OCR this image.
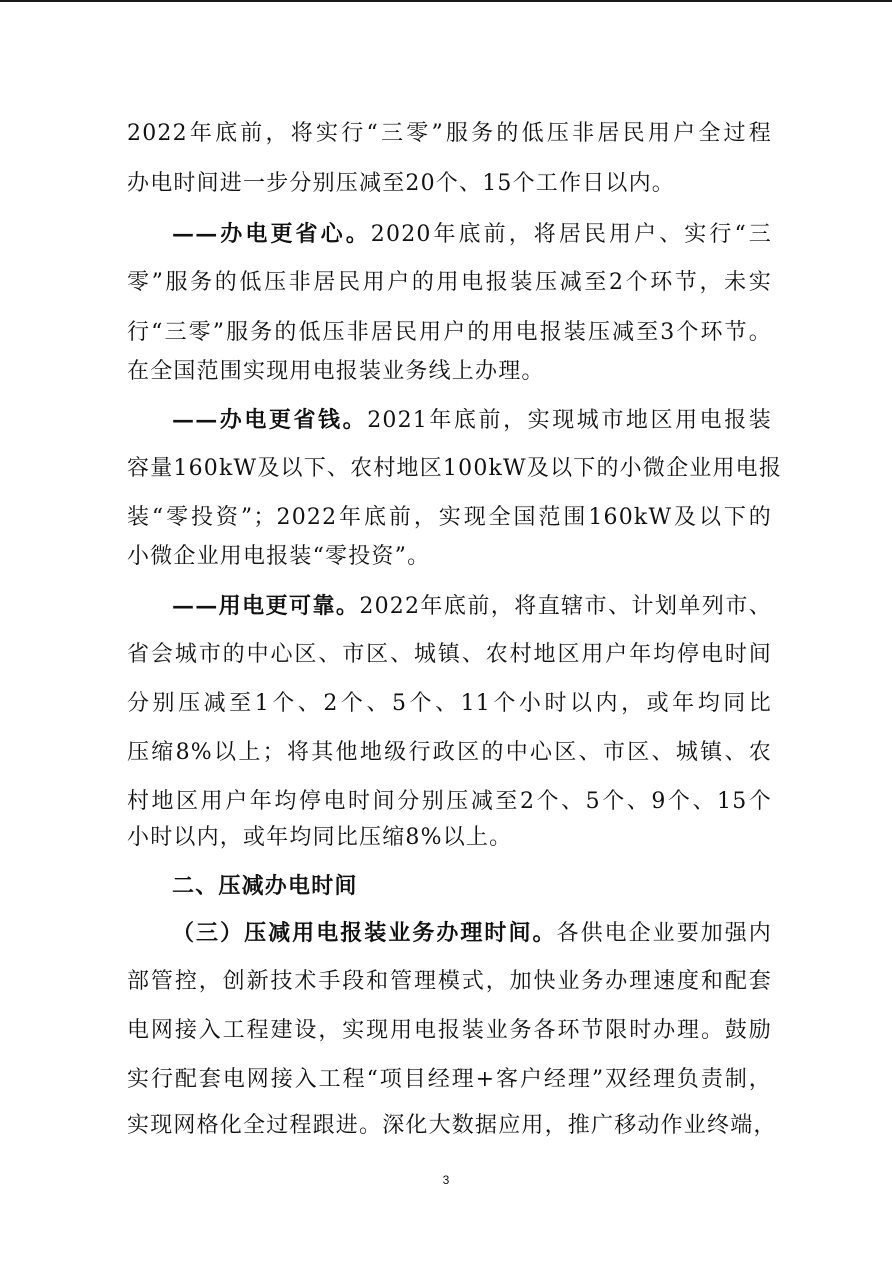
2022年底前，将实行“三零”服务的低压非居民用户全过程
办电时间进一步分别压减至20个、15个工作日以内。
——办电更省心。2020年底前，将居民用户、实行“三
零”服务的低压非居民用户的用电报装压减至2个环节，未实
行“三零”服务的低压非居民用户的用电报装压减至3个环节。
在全国范围实现用电报装业务线上办理。
——办电更省钱。2021年底前，实现城市地区用电报装
容量160kW及以下、农村地区100kW及以下的小微企业用电报
装“零投资”；2022年底前，实现全国范围160kW及以下的
小微企业用电报装“零投资”。
——用电更可靠。2022年底前，将直辖市、计划单列市、
省会城市的中心区、市区、城镇、农村地区用户年均停电时间
分别压减至1个、2个、5个、11个小时以内，或年均同比
压缩8%以上；将其他地级行政区的中心区、市区、城镇、农
村地区用户年均停电时间分别压减至2个、5个、9个、15个
小时以内，或年均同比压缩8%以上。
二、压减办电时间
（三）压减用电报装业务办理时间。各供电企业要加强内
部管控，创新技术手段和管理模式，加快业务办理速度和配套
电网接入工程建设，实现用电报装业务各环节限时办理。鼓励
实行配套电网接入工程“项目经理+客户经理”双经理负责制，
实现网格化全过程跟进。深化大数据应用，推广移动作业终端，
3
